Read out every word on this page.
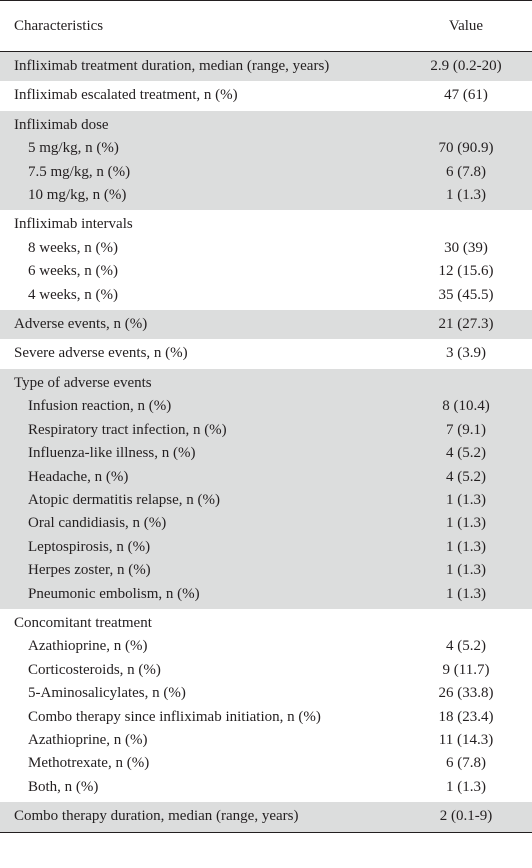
Characteristics	Value
Infliximab treatment duration, median (range, years)	2.9 (0.2-20)
Infliximab escalated treatment, n (%)	47 (61)
Infliximab dose	
5 mg/kg, n (%)	70 (90.9)
7.5 mg/kg, n (%)	6 (7.8)
10 mg/kg, n (%)	1 (1.3)
Infliximab intervals	
8 weeks, n (%)	30 (39)
6 weeks, n (%)	12 (15.6)
4 weeks, n (%)	35 (45.5)
Adverse events, n (%)	21 (27.3)
Severe adverse events, n (%)	3 (3.9)
Type of adverse events	
Infusion reaction, n (%)	8 (10.4)
Respiratory tract infection, n (%)	7 (9.1)
Influenza-like illness, n (%)	4 (5.2)
Headache, n (%)	4 (5.2)
Atopic dermatitis relapse, n (%)	1 (1.3)
Oral candidiasis, n (%)	1 (1.3)
Leptospirosis, n (%)	1 (1.3)
Herpes zoster, n (%)	1 (1.3)
Pneumonic embolism, n (%)	1 (1.3)
Concomitant treatment	
Azathioprine, n (%)	4 (5.2)
Corticosteroids, n (%)	9 (11.7)
5-Aminosalicylates, n (%)	26 (33.8)
Combo therapy since infliximab initiation, n (%)	18 (23.4)
Azathioprine, n (%)	11 (14.3)
Methotrexate, n (%)	6 (7.8)
Both, n (%)	1 (1.3)
Combo therapy duration, median (range, years)	2 (0.1-9)
